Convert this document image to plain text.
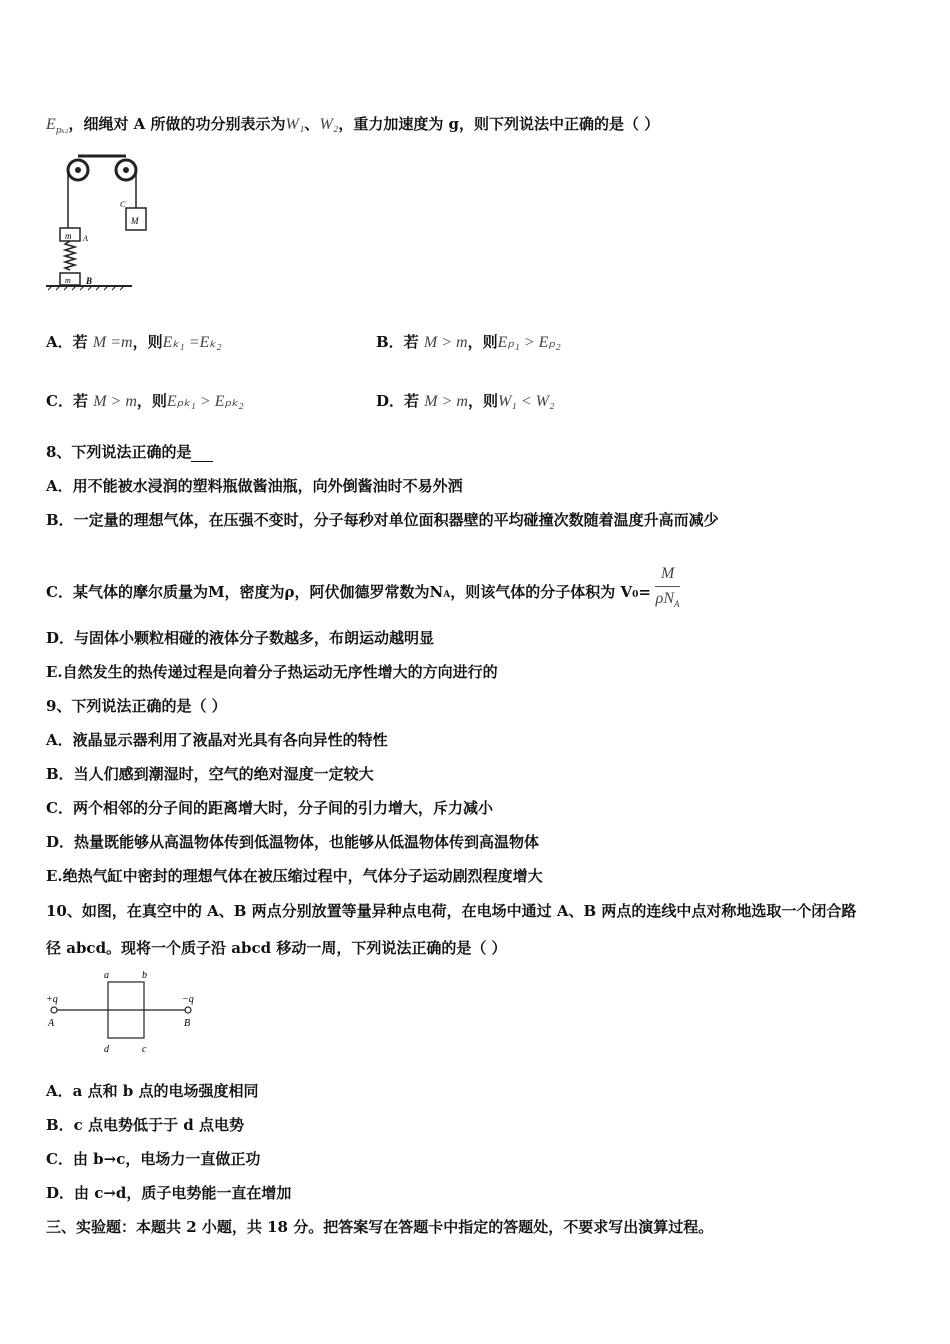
$E_{p_{k2}}$，细绳对 A 所做的功分别表示为W₁、W₂，重力加速度为 g，则下列说法中正确的是（ ）
m A
m B
M
C
A．若 M =m，则Eₖ₁ =Eₖ₂	B．若 M > m，则Eₚ₁ > Eₚ₂
C．若 M > m，则Eₚₖ₁ > Eₚₖ₂	D．若 M > m，则W₁ < W₂
8、下列说法正确的是
A．用不能被水浸润的塑料瓶做酱油瓶，向外倒酱油时不易外洒
B．一定量的理想气体，在压强不变时，分子每秒对单位面积器壁的平均碰撞次数随着温度升高而减少
C．某气体的摩尔质量为M，密度为ρ，阿伏伽德罗常数为NA，则该气体的分子体积为 $V0= \frac{M}{\rho N_A}$
D．与固体小颗粒相碰的液体分子数越多，布朗运动越明显
E.自然发生的热传递过程是向着分子热运动无序性增大的方向进行的
9、下列说法正确的是（ ）
A．液晶显示器利用了液晶对光具有各向异性的特性
B．当人们感到潮湿时，空气的绝对湿度一定较大
C．两个相邻的分子间的距离增大时，分子间的引力增大，斥力减小
D．热量既能够从高温物体传到低温物体，也能够从低温物体传到高温物体
E.绝热气缸中密封的理想气体在被压缩过程中，气体分子运动剧烈程度增大
10、如图，在真空中的 A、B 两点分别放置等量异种点电荷，在电场中通过 A、B 两点的连线中点对称地选取一个闭合路
径 abcd。现将一个质子沿 abcd 移动一周，下列说法正确的是（ ）
+q
A
−q
B
a	b
c
d
A．a 点和 b 点的电场强度相同
B．c 点电势低于于 d 点电势
C．由 b→c，电场力一直做正功
D．由 c→d，质子电势能一直在增加
三、实验题：本题共 2 小题，共 18 分。把答案写在答题卡中指定的答题处，不要求写出演算过程。
